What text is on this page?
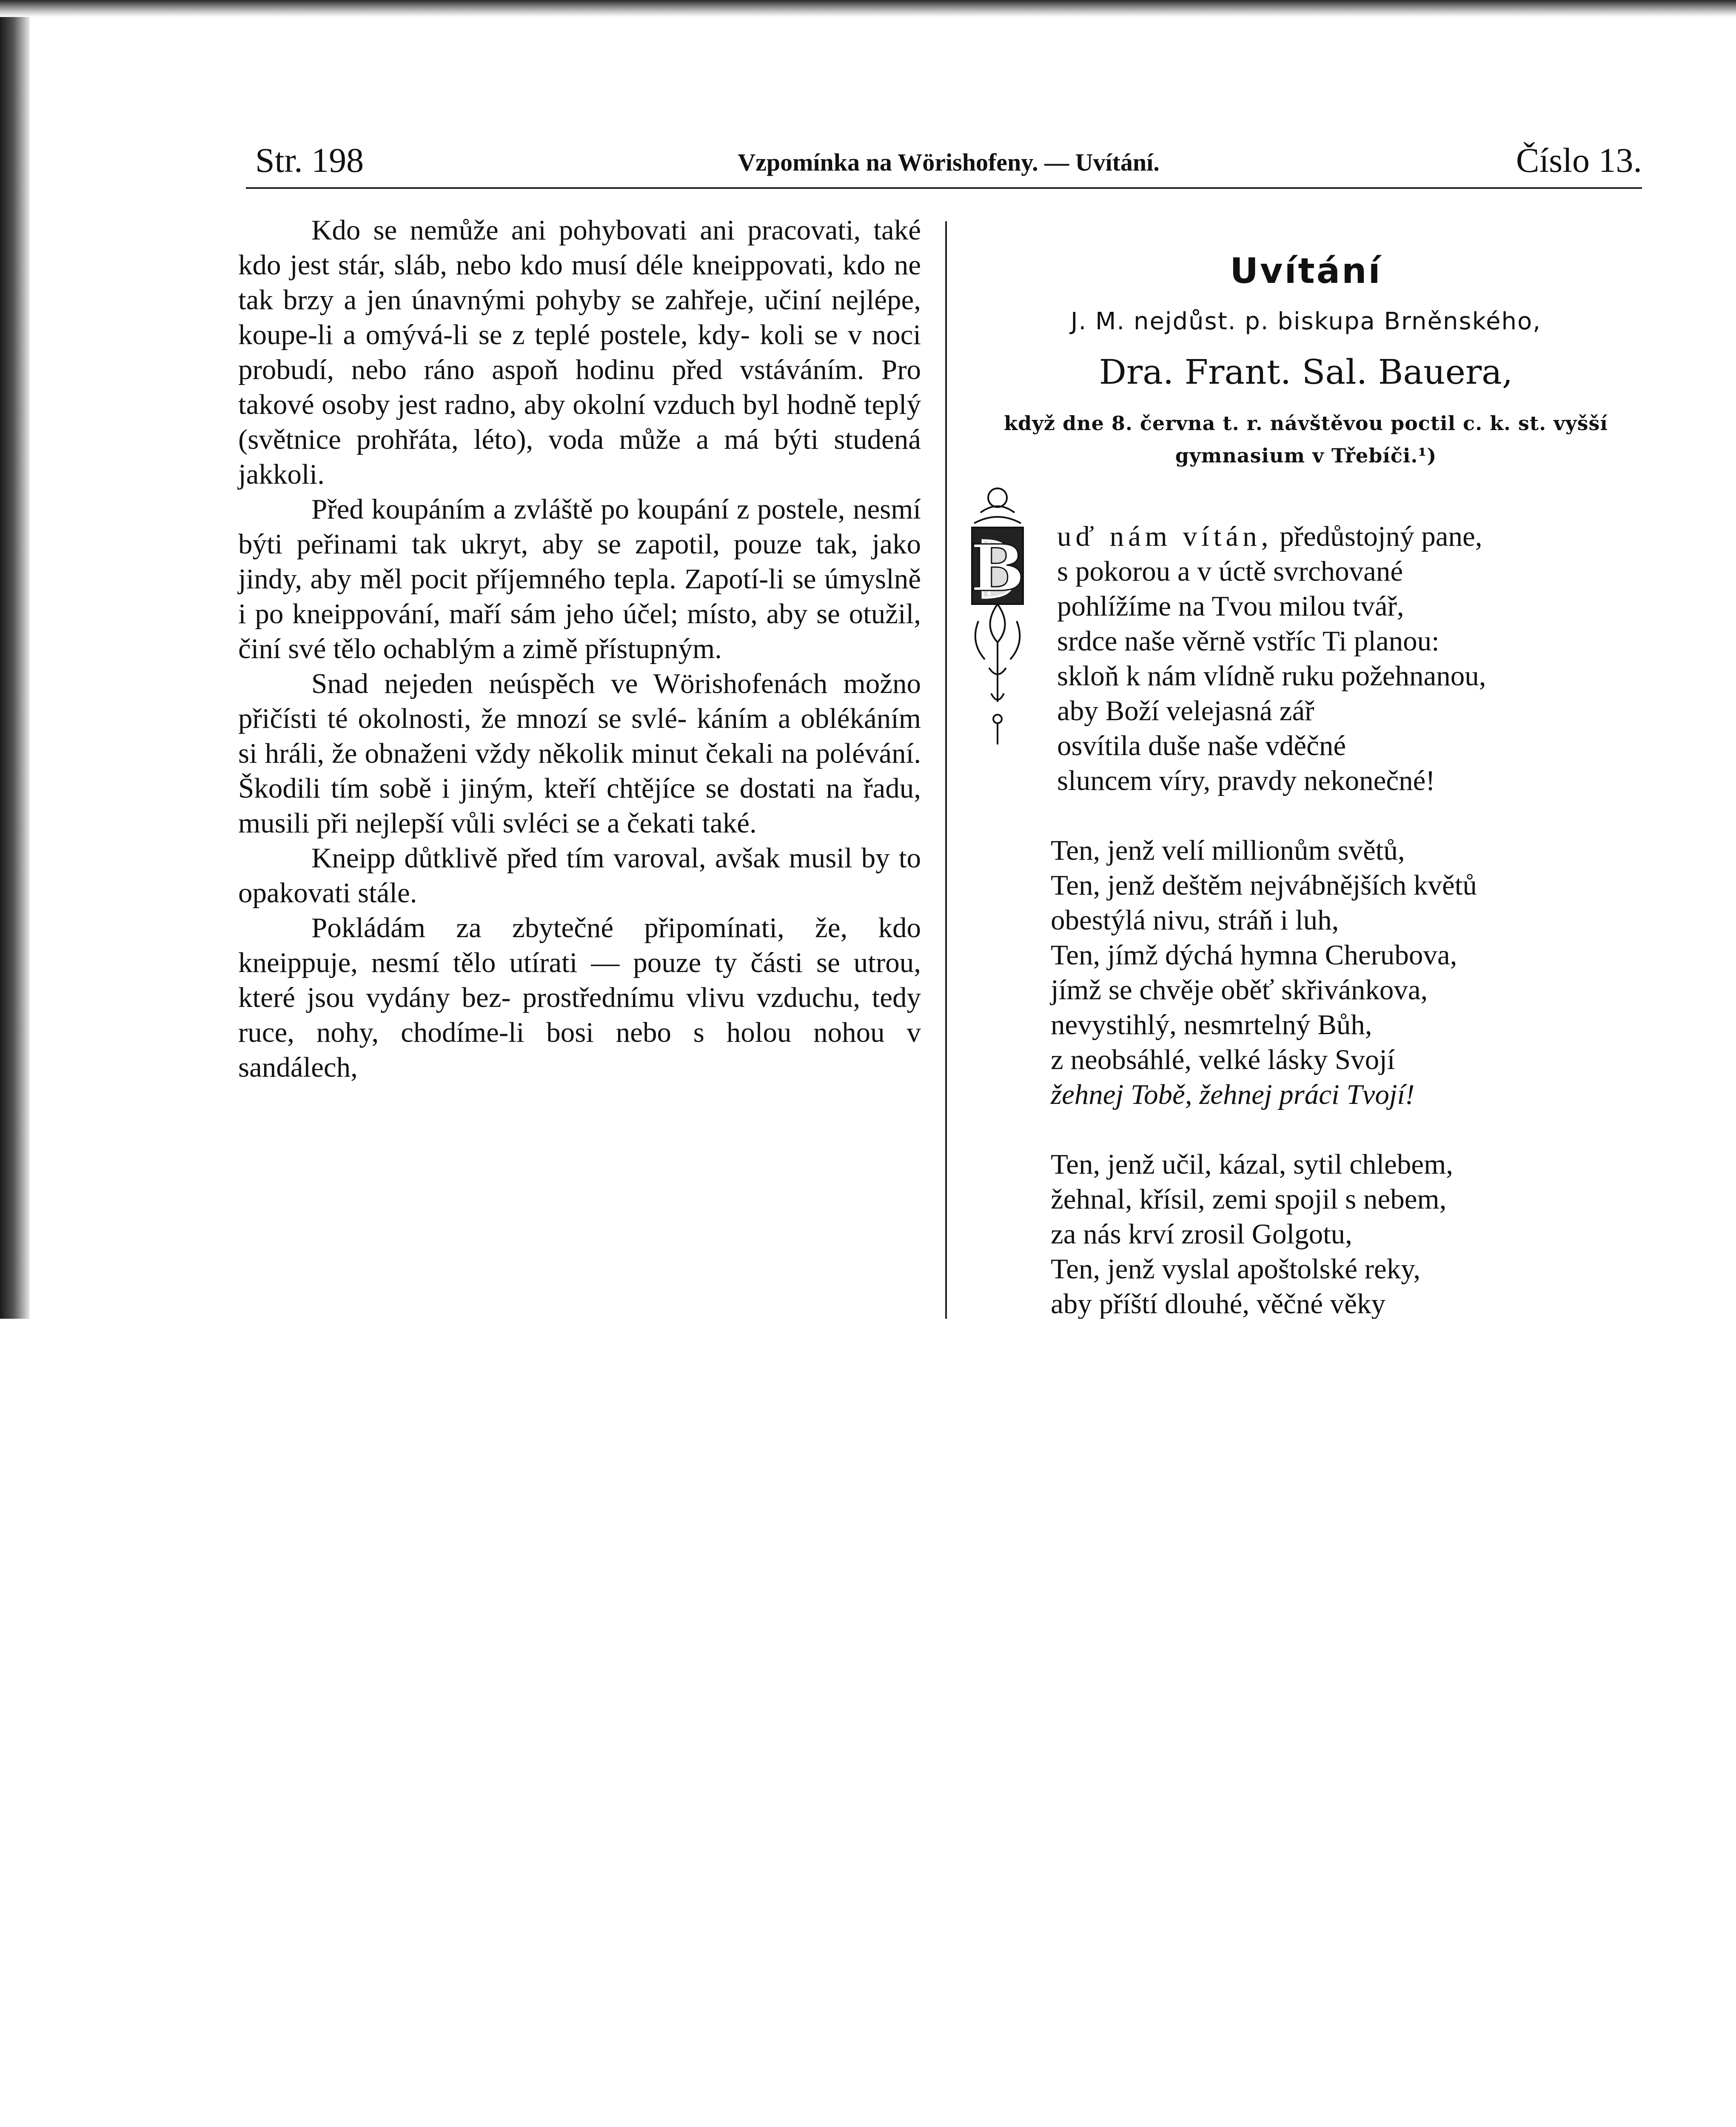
Str. 198	Vzpomínka na Wörishofeny. — Uvítání.	Číslo 13.

Kdo se nemůže ani pohybovati ani pracovati, také kdo jest stár, sláb, nebo kdo musí déle kneippovati, kdo ne tak brzy a jen únavnými pohyby se zahřeje, učiní nejlépe, koupe-li a omývá-li se z teplé postele, kdy- koli se v noci probudí, nebo ráno aspoň hodinu před vstáváním. Pro takové osoby jest radno, aby okolní vzduch byl hodně teplý (světnice prohřáta, léto), voda může a má býti studená jakkoli.

Před koupáním a zvláště po koupání z postele, nesmí býti peřinami tak ukryt, aby se zapotil, pouze tak, jako jindy, aby měl pocit příjemného tepla. Zapotí-li se úmyslně i po kneippování, maří sám jeho účel; místo, aby se otužil, činí své tělo ochablým a zimě přístupným.

Snad nejeden neúspěch ve Wörishofenách možno přičísti té okolnosti, že mnozí se svlé- káním a oblékáním si hráli, že obnaženi vždy několik minut čekali na polévání. Škodili tím sobě i jiným, kteří chtějíce se dostati na řadu, musili při nejlepší vůli svléci se a čekati také.

Kneipp důtklivě před tím varoval, avšak musil by to opakovati stále.

Pokládám za zbytečné připomínati, že, kdo kneippuje, nesmí tělo utírati — pouze ty části se utrou, které jsou vydány bez- prostřednímu vlivu vzduchu, tedy ruce, nohy, chodíme-li bosi nebo s holou nohou v sandálech,

Uvítání
J. M. nejdůst. p. biskupa Brněnského,
Dra. Frant. Sal. Bauera,
když dne 8. června t. r. návštěvou poctil c. k. st. vyšší gymnasium v Třebíči.¹)
B uď nám vítán, předůstojný pane,
s pokorou a v úctě svrchované
pohlížíme na Tvou milou tvář,
srdce naše věrně vstříc Ti planou:
skloň k nám vlídně ruku požehnanou,
aby Boží velejasná zář
osvítila duše naše vděčné
sluncem víry, pravdy nekonečné!
Ten, jenž velí millionům světů,
Ten, jenž deštěm nejvábnějších květů
obestýlá nivu, stráň i luh,
Ten, jímž dýchá hymna Cherubova,
jímž se chvěje oběť skřivánkova,
nevystihlý, nesmrtelný Bůh,
z neobsáhlé, velké lásky Svojí
žehnej Tobě, žehnej práci Tvojí!
Ten, jenž učil, kázal, sytil chlebem,
žehnal, křísil, zemi spojil s nebem,
za nás krví zrosil Golgotu,
Ten, jenž vyslal apoštolské reky,
aby příští dlouhé, věčné věky
